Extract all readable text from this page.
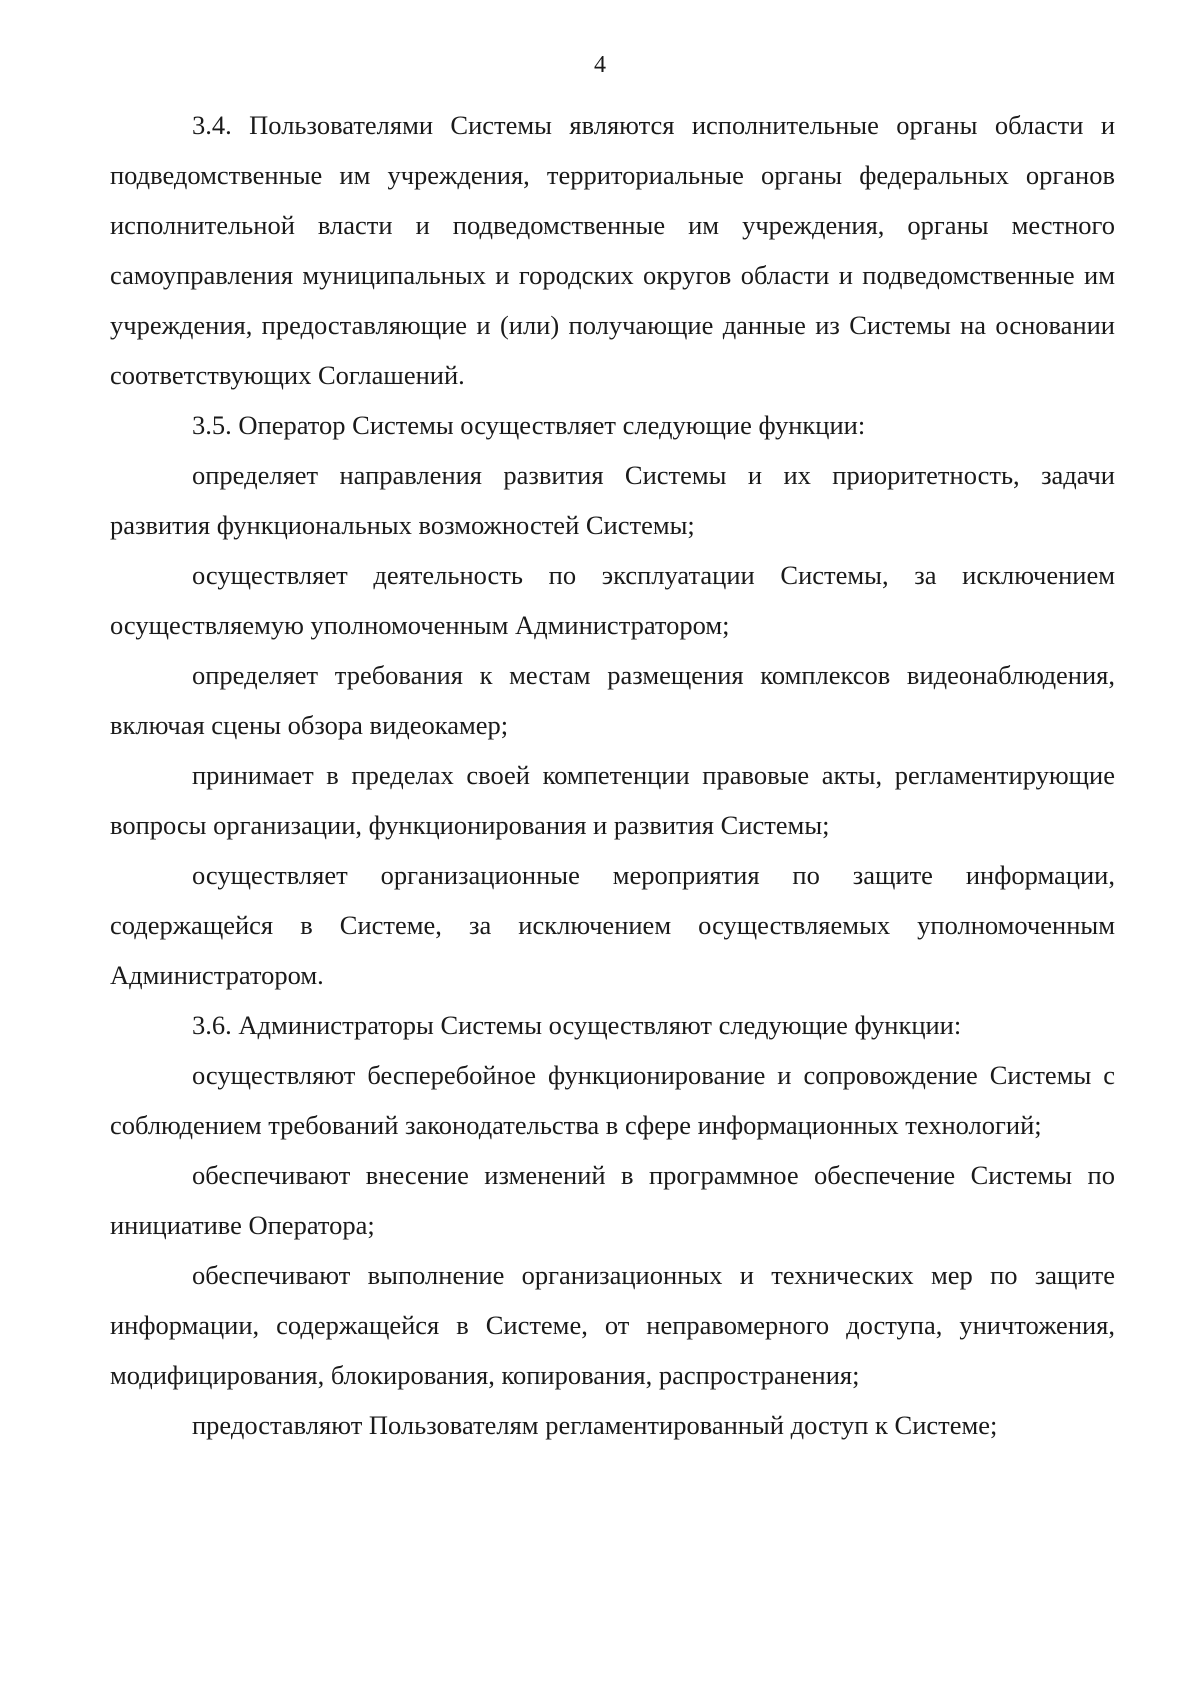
4

3.4. Пользователями Системы являются исполнительные органы области и подведомственные им учреждения, территориальные органы федеральных органов исполнительной власти и подведомственные им учреждения, органы местного самоуправления муниципальных и городских округов области и подведомственные им учреждения, предоставляющие и (или) получающие данные из Системы на основании соответствующих Соглашений.

3.5. Оператор Системы осуществляет следующие функции:

определяет направления развития Системы и их приоритетность, задачи развития функциональных возможностей Системы;

осуществляет деятельность по эксплуатации Системы, за исключением осуществляемую уполномоченным Администратором;

определяет требования к местам размещения комплексов видеонаблюдения, включая сцены обзора видеокамер;

принимает в пределах своей компетенции правовые акты, регламентирующие вопросы организации, функционирования и развития Системы;

осуществляет организационные мероприятия по защите информации, содержащейся в Системе, за исключением осуществляемых уполномоченным Администратором.

3.6. Администраторы Системы осуществляют следующие функции:

осуществляют бесперебойное функционирование и сопровождение Системы с соблюдением требований законодательства в сфере информационных технологий;

обеспечивают внесение изменений в программное обеспечение Системы по инициативе Оператора;

обеспечивают выполнение организационных и технических мер по защите информации, содержащейся в Системе, от неправомерного доступа, уничтожения, модифицирования, блокирования, копирования, распространения;

предоставляют Пользователям регламентированный доступ к Системе;
